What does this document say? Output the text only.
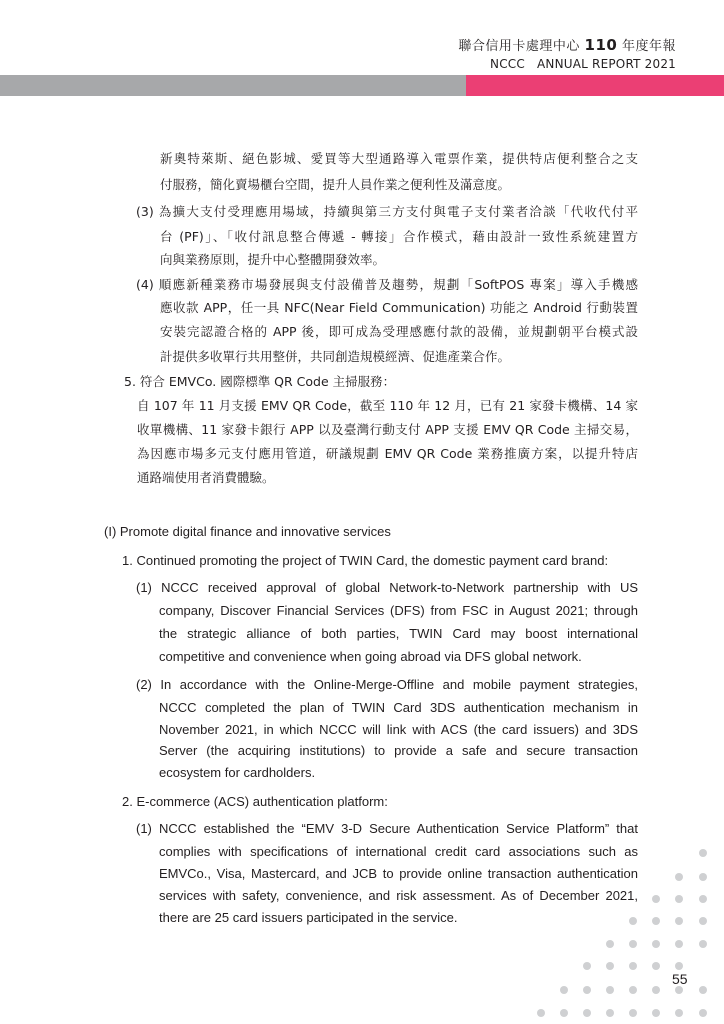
聯合信用卡處理中心 110 年度年報
NCCC   ANNUAL REPORT 2021
新奧特萊斯、絕色影城、愛買等大型通路導入電票作業，提供特店便利整合之支
付服務，簡化賣場櫃台空間，提升人員作業之便利性及滿意度。
(3) 為擴大支付受理應用場域，持續與第三方支付與電子支付業者洽談「代收代付平
台 (PF)」、「收付訊息整合傳遞 - 轉接」合作模式，藉由設計一致性系統建置方
向與業務原則，提升中心整體開發效率。
(4) 順應新種業務市場發展與支付設備普及趨勢，規劃「SoftPOS 專案」導入手機感
應收款 APP，任一具 NFC(Near Field Communication) 功能之 Android 行動裝置
安裝完認證合格的 APP 後，即可成為受理感應付款的設備，並規劃朝平台模式設
計提供多收單行共用整併，共同創造規模經濟、促進產業合作。
5. 符合 EMVCo. 國際標準 QR Code 主掃服務：
自 107 年 11 月支援 EMV QR Code，截至 110 年 12 月，已有 21 家發卡機構、14 家
收單機構、11 家發卡銀行 APP 以及臺灣行動支付 APP 支援 EMV QR Code 主掃交易，
為因應市場多元支付應用管道，研議規劃 EMV QR Code 業務推廣方案，以提升特店
通路端使用者消費體驗。
(I) Promote digital finance and innovative services
1. Continued promoting the project of TWIN Card, the domestic payment card brand:
(1) NCCC received approval of global Network-to-Network partnership with US
company, Discover Financial Services (DFS) from FSC in August 2021; through
the strategic alliance of both parties, TWIN Card may boost international
competitive and convenience when going abroad via DFS global network.
(2) In accordance with the Online-Merge-Offline and mobile payment strategies,
NCCC completed the plan of TWIN Card 3DS authentication mechanism in
November 2021, in which NCCC will link with ACS (the card issuers) and 3DS
Server (the acquiring institutions) to provide a safe and secure transaction
ecosystem for cardholders.
2. E-commerce (ACS) authentication platform:
(1) NCCC established the “EMV 3-D Secure Authentication Service Platform” that
complies with specifications of international credit card associations such as
EMVCo., Visa, Mastercard, and JCB to provide online transaction authentication
services with safety, convenience, and risk assessment. As of December 2021,
there are 25 card issuers participated in the service.
55
